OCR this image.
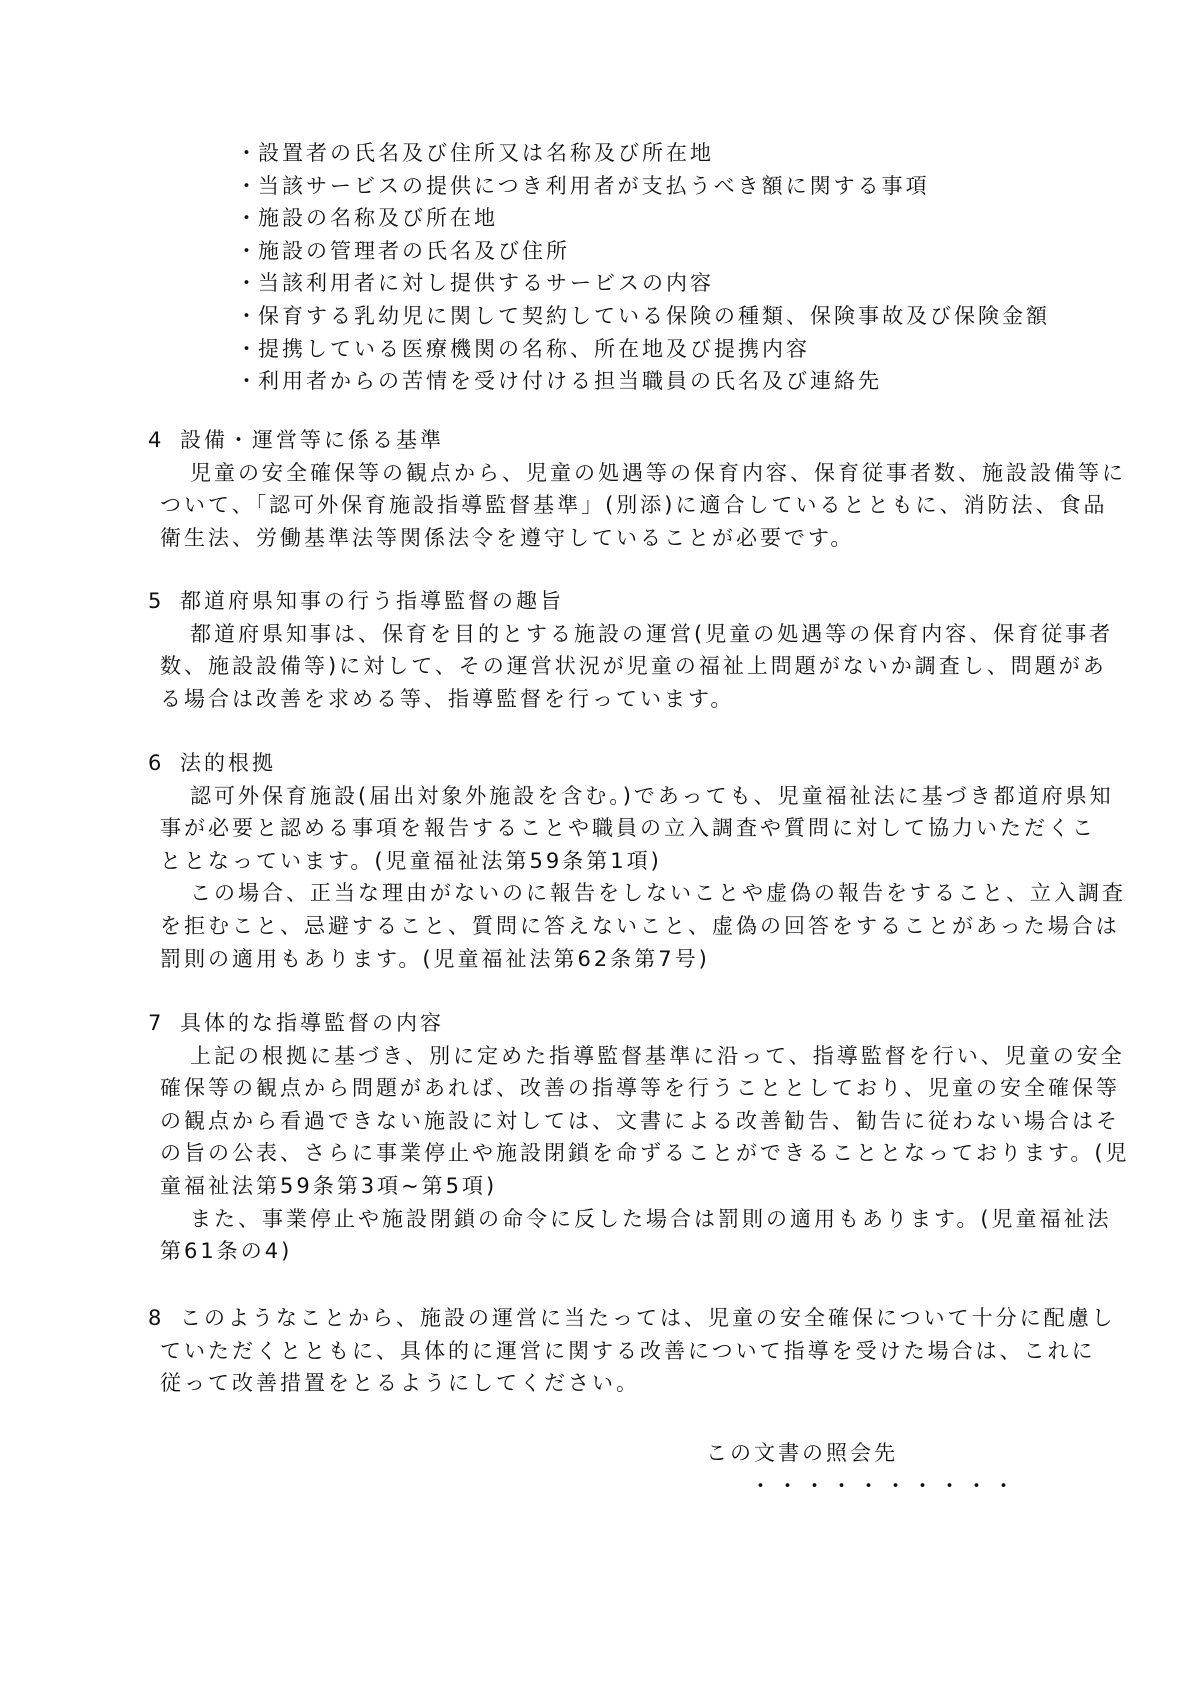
・
設置者の氏名及び住所又は名称及び所在地
・
当該サービスの提供につき利用者が支払うべき額に関する事項
・
施設の名称及び所在地
・
施設の管理者の氏名及び住所
・
当該利用者に対し提供するサービスの内容
・
保育する乳幼児に関して契約している保険の種類、保険事故及び保険金額
・
提携している医療機関の名称、所在地及び提携内容
・
利用者からの苦情を受け付ける担当職員の氏名及び連絡先
4 設備・運営等に係る基準
児童の安全確保等の観点から、児童の処遇等の保育内容、保育従事者数、施設設備等に
ついて、「認可外保育施設指導監督基準」(別添)に適合しているとともに、消防法、食品
衛生法、労働基準法等関係法令を遵守していることが必要です。
5 都道府県知事の行う指導監督の趣旨
都道府県知事は、保育を目的とする施設の運営(児童の処遇等の保育内容、保育従事者
数、施設設備等)に対して、その運営状況が児童の福祉上問題がないか調査し、問題があ
る場合は改善を求める等、指導監督を行っています。
6 法的根拠
認可外保育施設(届出対象外施設を含む。)であっても、児童福祉法に基づき都道府県知
事が必要と認める事項を報告することや職員の立入調査や質問に対して協力いただくこ
ととなっています。(児童福祉法第59条第1項)
この場合、正当な理由がないのに報告をしないことや虚偽の報告をすること、立入調査
を拒むこと、忌避すること、質問に答えないこと、虚偽の回答をすることがあった場合は
罰則の適用もあります。(児童福祉法第62条第7号)
7 具体的な指導監督の内容
上記の根拠に基づき、別に定めた指導監督基準に沿って、指導監督を行い、児童の安全
確保等の観点から問題があれば、改善の指導等を行うこととしており、児童の安全確保等
の観点から看過できない施設に対しては、文書による改善勧告、勧告に従わない場合はそ
の旨の公表、さらに事業停止や施設閉鎖を命ずることができることとなっております。(児
童福祉法第59条第3項~第5項)
また、事業停止や施設閉鎖の命令に反した場合は罰則の適用もあります。(児童福祉法
第61条の4)
8 このようなことから、施設の運営に当たっては、児童の安全確保について十分に配慮し
ていただくとともに、具体的に運営に関する改善について指導を受けた場合は、これに
従って改善措置をとるようにしてください。
この文書の照会先
・・・・・・・・・・
